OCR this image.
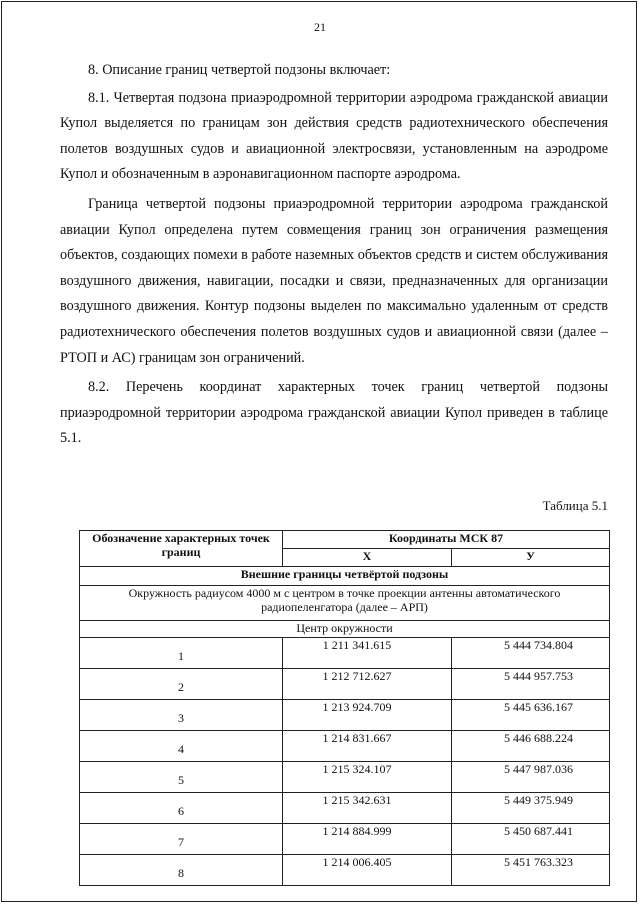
21

8. Описание границ четвертой подзоны включает:

8.1. Четвертая подзона приаэродромной территории аэродрома гражданской авиации Купол выделяется по границам зон действия средств радиотехнического обеспечения полетов воздушных судов и авиационной электросвязи, установленным на аэродроме Купол и обозначенным в аэронавигационном паспорте аэродрома.

Граница четвертой подзоны приаэродромной территории аэродрома гражданской авиации Купол определена путем совмещения границ зон ограничения размещения объектов, создающих помехи в работе наземных объектов средств и систем обслуживания воздушного движения, навигации, посадки и связи, предназначенных для организации воздушного движения. Контур подзоны выделен по максимально удаленным от средств радиотехнического обеспечения полетов воздушных судов и авиационной связи (далее – РТОП и АС) границам зон ограничений.

8.2. Перечень координат характерных точек границ четвертой подзоны приаэродромной территории аэродрома гражданской авиации Купол приведен в таблице 5.1.

Таблица 5.1
Обозначение характерных точек границ	Координаты МСК 87	
	X	У
Внешние границы четвёртой подзоны		
Окружность радиусом 4000 м с центром в точке проекции антенны автоматического радиопеленгатора (далее – АРП)		
Центр окружности		
1	1 211 341.615	5 444 734.804
2	1 212 712.627	5 444 957.753
3	1 213 924.709	5 445 636.167
4	1 214 831.667	5 446 688.224
5	1 215 324.107	5 447 987.036
6	1 215 342.631	5 449 375.949
7	1 214 884.999	5 450 687.441
8	1 214 006.405	5 451 763.323
